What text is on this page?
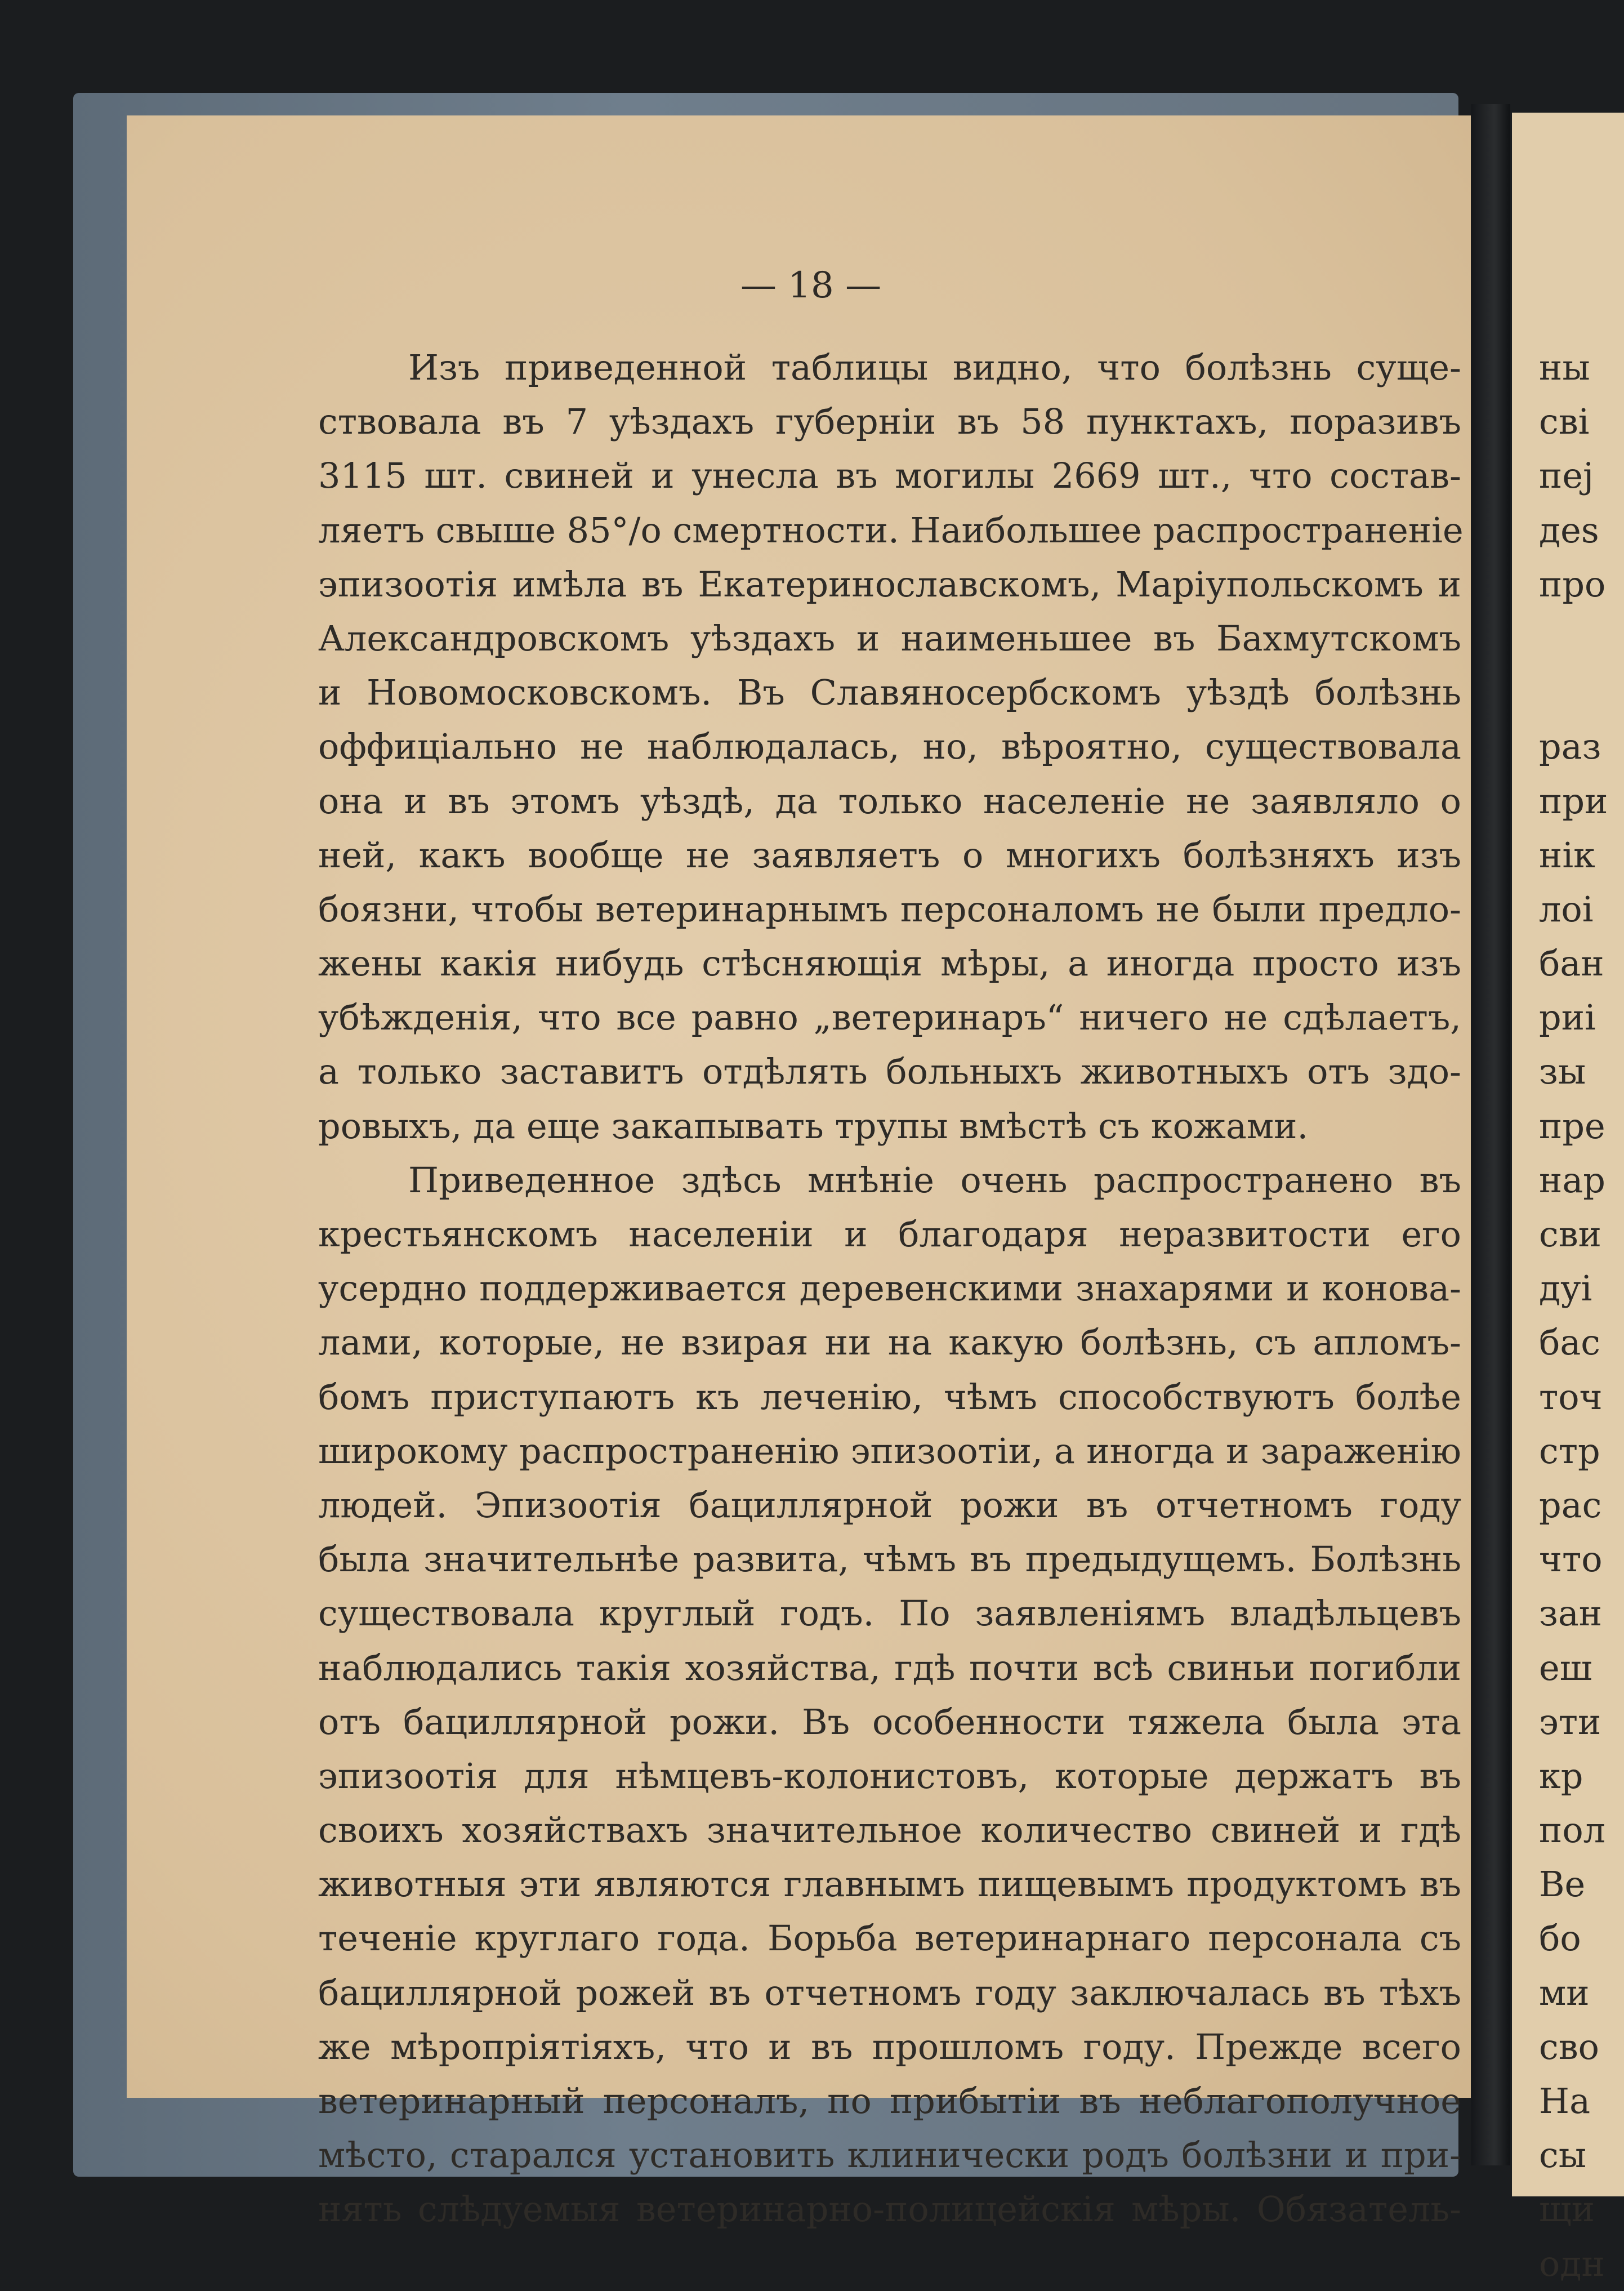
— 18 —
Изъ приведенной таблицы видно, что болѣзнь суще-
ствовала въ 7 уѣздахъ губерніи въ 58 пунктахъ, поразивъ
3115 шт. свиней и унесла въ могилы 2669 шт., что состав-
ляетъ свыше 85°/o смертности. Наибольшее распространеніе
эпизоотія имѣла въ Екатеринославскомъ, Маріупольскомъ и
Александровскомъ уѣздахъ и наименьшее въ Бахмутскомъ
и Новомосковскомъ. Въ Славяносербскомъ уѣздѣ болѣзнь
оффиціально не наблюдалась, но, вѣроятно, существовала
она и въ этомъ уѣздѣ, да только населеніе не заявляло о
ней, какъ вообще не заявляетъ о многихъ болѣзняхъ изъ
боязни, чтобы ветеринарнымъ персоналомъ не были предло-
жены какія нибудь стѣсняющія мѣры, а иногда просто изъ
убѣжденія, что все равно „ветеринаръ“ ничего не сдѣлаетъ,
а только заставитъ отдѣлять больныхъ животныхъ отъ здо-
ровыхъ, да еще закапывать трупы вмѣстѣ съ кожами.
Приведенное здѣсь мнѣніе очень распространено въ
крестьянскомъ населеніи и благодаря неразвитости его
усердно поддерживается деревенскими знахарями и конова-
лами, которые, не взирая ни на какую болѣзнь, съ апломъ-
бомъ приступаютъ къ леченію, чѣмъ способствуютъ болѣе
широкому распространенію эпизоотіи, а иногда и зараженію
людей. Эпизоотія бациллярной рожи въ отчетномъ году
была значительнѣе развита, чѣмъ въ предыдущемъ. Болѣзнь
существовала круглый годъ. По заявленіямъ владѣльцевъ
наблюдались такія хозяйства, гдѣ почти всѣ свиньи погибли
отъ бациллярной рожи. Въ особенности тяжела была эта
эпизоотія для нѣмцевъ-колонистовъ, которые держатъ въ
своихъ хозяйствахъ значительное количество свиней и гдѣ
животныя эти являются главнымъ пищевымъ продуктомъ въ
теченіе круглаго года. Борьба ветеринарнаго персонала съ
бациллярной рожей въ отчетномъ году заключалась въ тѣхъ
же мѣропріятіяхъ, что и въ прошломъ году. Прежде всего
ветеринарный персоналъ, по прибытіи въ неблагополучное
мѣсто, старался установить клинически родъ болѣзни и при-
нять слѣдуемыя ветеринарно-полицейскія мѣры. Обязатель-
ны
сві
пеј
деѕ
про
раз
при
нік
лоі
бан
риі
зы
пре
нар
сви
дуі
бас
точ
стр
рас
что
зан
еш
эти
кр
пол
Ве
бо
ми
сво
На
сы
щи
одн
